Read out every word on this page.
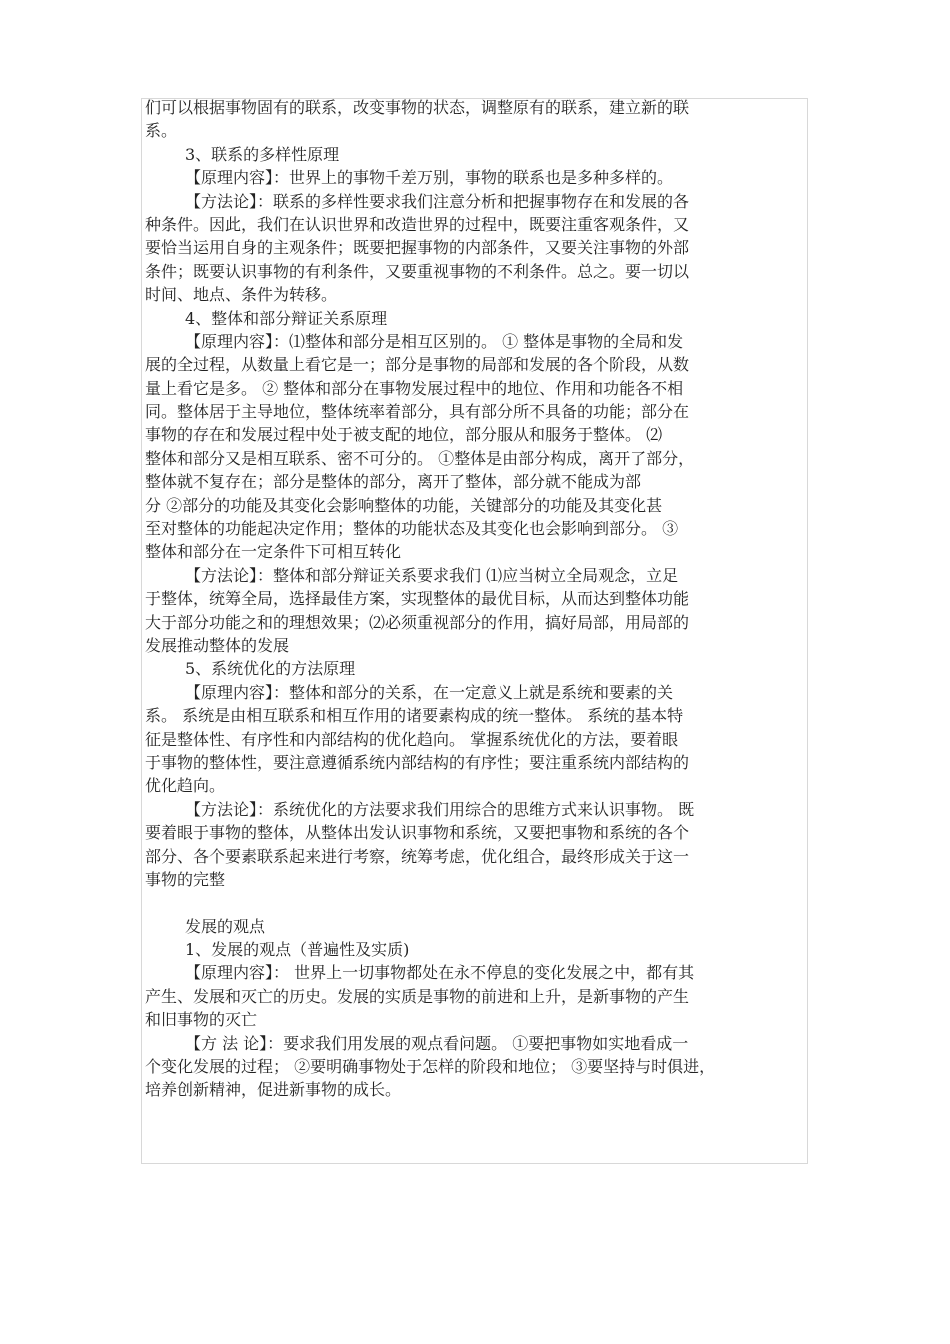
们可以根据事物固有的联系，改变事物的状态，调整原有的联系，建立新的联
系。
3、联系的多样性原理
【原理内容】：世界上的事物千差万别，事物的联系也是多种多样的。
【方法论】：联系的多样性要求我们注意分析和把握事物存在和发展的各
种条件。因此，我们在认识世界和改造世界的过程中，既要注重客观条件，又
要恰当运用自身的主观条件；既要把握事物的内部条件，又要关注事物的外部
条件；既要认识事物的有利条件，又要重视事物的不利条件。总之。要一切以
时间、地点、条件为转移。
4、整体和部分辩证关系原理
【原理内容】：⑴整体和部分是相互区别的。 ① 整体是事物的全局和发
展的全过程，从数量上看它是一；部分是事物的局部和发展的各个阶段，从数
量上看它是多。 ② 整体和部分在事物发展过程中的地位、作用和功能各不相
同。整体居于主导地位，整体统率着部分，具有部分所不具备的功能；部分在
事物的存在和发展过程中处于被支配的地位，部分服从和服务于整体。 ⑵
整体和部分又是相互联系、密不可分的。 ①整体是由部分构成，离开了部分，
整体就不复存在；部分是整体的部分，离开了整体，部分就不能成为部
分 ②部分的功能及其变化会影响整体的功能，关键部分的功能及其变化甚
至对整体的功能起决定作用；整体的功能状态及其变化也会影响到部分。 ③
整体和部分在一定条件下可相互转化
【方法论】：整体和部分辩证关系要求我们 ⑴应当树立全局观念，立足
于整体，统筹全局，选择最佳方案，实现整体的最优目标，从而达到整体功能
大于部分功能之和的理想效果；⑵必须重视部分的作用，搞好局部，用局部的
发展推动整体的发展
5、系统优化的方法原理
【原理内容】：整体和部分的关系，在一定意义上就是系统和要素的关
系。 系统是由相互联系和相互作用的诸要素构成的统一整体。 系统的基本特
征是整体性、有序性和内部结构的优化趋向。 掌握系统优化的方法，要着眼
于事物的整体性，要注意遵循系统内部结构的有序性；要注重系统内部结构的
优化趋向。
【方法论】：系统优化的方法要求我们用综合的思维方式来认识事物。 既
要着眼于事物的整体，从整体出发认识事物和系统，又要把事物和系统的各个
部分、各个要素联系起来进行考察，统筹考虑，优化组合，最终形成关于这一
事物的完整
发展的观点
1、发展的观点（普遍性及实质)
【原理内容】： 世界上一切事物都处在永不停息的变化发展之中，都有其
产生、发展和灭亡的历史。发展的实质是事物的前进和上升，是新事物的产生
和旧事物的灭亡
【方 法 论】：要求我们用发展的观点看问题。 ①要把事物如实地看成一
个变化发展的过程； ②要明确事物处于怎样的阶段和地位； ③要坚持与时俱进，
培养创新精神，促进新事物的成长。
